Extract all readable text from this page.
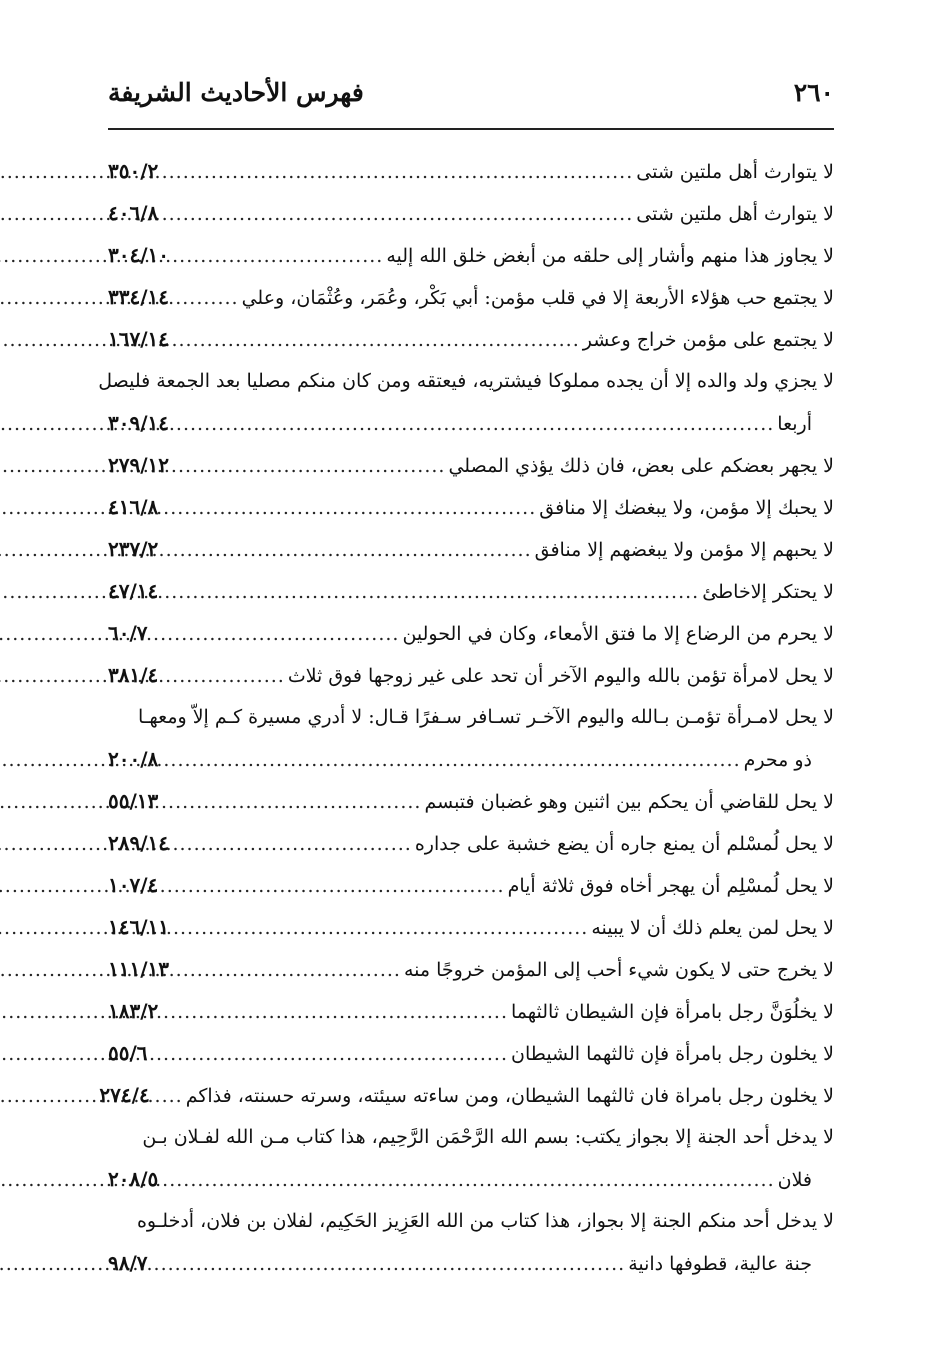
٢٦٠
فهرس الأحاديث الشريفة
لا يتوارث أهل ملتين شتى
.....
٣٥٠/٢
لا يتوارث أهل ملتين شتى
.....
٤٠٦/٨
لا يجاوز هذا منهم وأشار إلى حلقه من أبغض خلق الله إليه
.....
٣٠٤/١٠
لا يجتمع حب هؤلاء الأربعة إلا في قلب مؤمن: أبي بَكْر، وعُمَر، وعُثْمَان، وعلي
.....
٣٣٤/١٤
لا يجتمع على مؤمن خراج وعشر
.....
١٦٧/١٤
لا يجزي ولد والده إلا أن يجده مملوكا فيشتريه، فيعتقه ومن كان منكم مصليا بعد الجمعة فليصل
أربعا
.....
٣٠٩/١٤
لا يجهر بعضكم على بعض، فان ذلك يؤذي المصلي
.....
٢٧٩/١٢
لا يحبك إلا مؤمن، ولا يبغضك إلا منافق
.....
٤١٦/٨
لا يحبهم إلا مؤمن ولا يبغضهم إلا منافق
.....
٢٣٧/٢
لا يحتكر إلاخاطئ
.....
٤٧/١٤
لا يحرم من الرضاع إلا ما فتق الأمعاء، وكان في الحولين
.....
٦٠/٧
لا يحل لامرأة تؤمن بالله واليوم الآخر أن تحد على غير زوجها فوق ثلاث
.....
٣٨١/٤
لا يحل لامـرأة تؤمـن بـالله واليوم الآخـر تسـافر سـفرًا قـال: لا أدري مسيرة كـم إلاّ ومعهـا
ذو محرم
.....
٢٠٠/٨
لا يحل للقاضي أن يحكم بين اثنين وهو غضبان فتبسم
.....
٥٥/١٣
لا يحل لُمسْلم أن يمنع جاره أن يضع خشبة على جداره
.....
٢٨٩/١٤
لا يحل لُمسْلِم أن يهجر أخاه فوق ثلاثة أيام
.....
١٠٧/٤
لا يحل لمن يعلم ذلك أن لا يبينه
.....
١٤٦/١١
لا يخرج حتى لا يكون شيء أحب إلى المؤمن خروجًا منه
.....
١١١/١٣
لا يخلُوَنَّ رجل بامرأة فإن الشيطان ثالثهما
.....
١٨٣/٢
لا يخلون رجل بامرأة فإن ثالثهما الشيطان
.....
٥٥/٦
لا يخلون رجل بامراة فان ثالثهما الشيطان، ومن ساءته سيئته، وسرته حسنته، فذاكم
.....
٢٧٤/٤
لا يدخل أحد الجنة إلا بجواز يكتب: بسم الله الرَّحْمَن الرَّحِيم، هذا كتاب مـن الله لفـلان بـن
فلان
.....
٢٠٨/٥
لا يدخل أحد منكم الجنة إلا بجواز، هذا كتاب من الله العَزِيز الحَكِيم، لفلان بن فلان، أدخلـوه
جنة عالية، قطوفها دانية
.....
٩٨/٧
